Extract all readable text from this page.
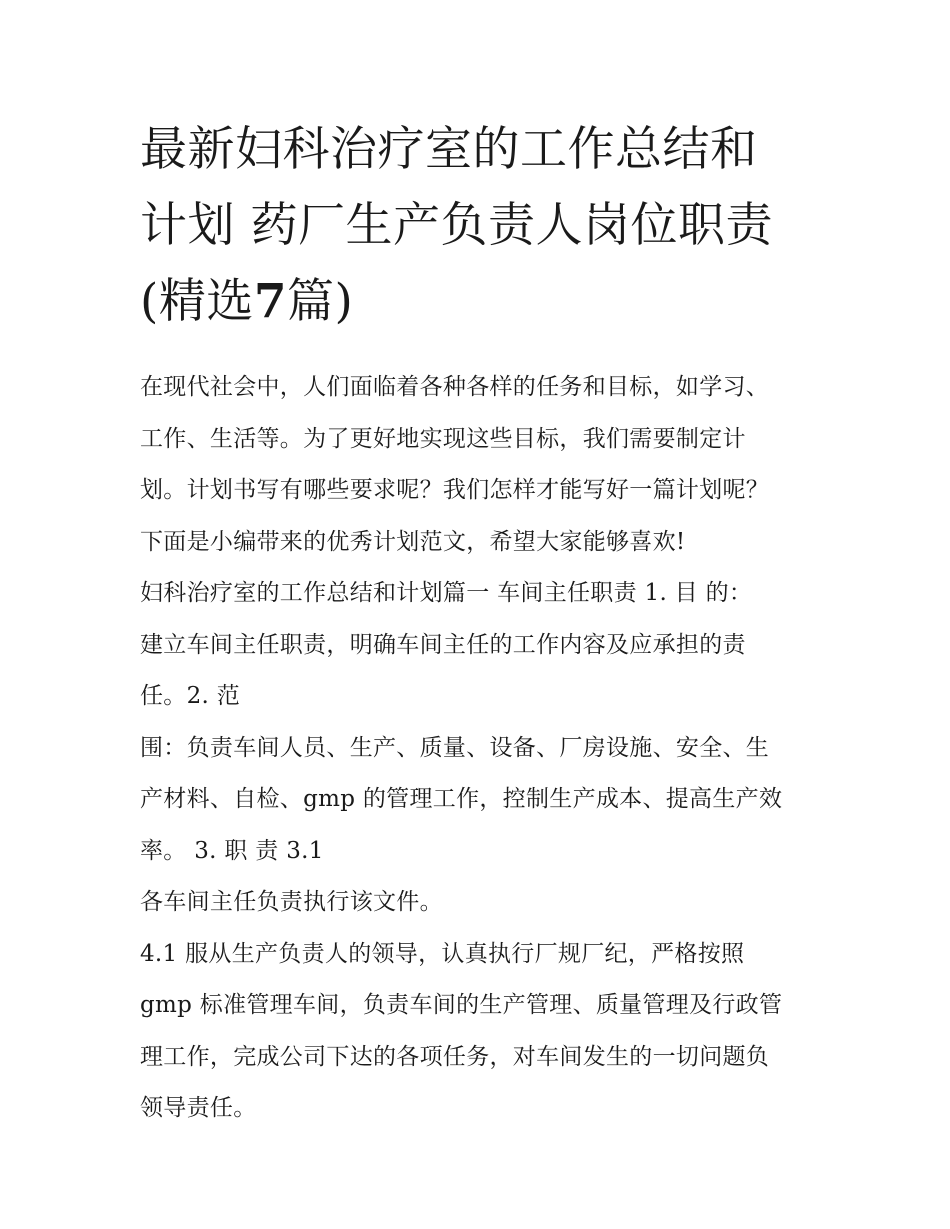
最新妇科治疗室的工作总结和
计划 药厂生产负责人岗位职责
(精选7篇)
在现代社会中，人们面临着各种各样的任务和目标，如学习、
工作、生活等。为了更好地实现这些目标，我们需要制定计
划。计划书写有哪些要求呢？我们怎样才能写好一篇计划呢？
下面是小编带来的优秀计划范文，希望大家能够喜欢!
妇科治疗室的工作总结和计划篇一 车间主任职责 1. 目 的：
建立车间主任职责，明确车间主任的工作内容及应承担的责
任。2. 范
围：负责车间人员、生产、质量、设备、厂房设施、安全、生
产材料、自检、gmp 的管理工作，控制生产成本、提高生产效
率。 3. 职 责 3.1
各车间主任负责执行该文件。
4.1 服从生产负责人的领导，认真执行厂规厂纪，严格按照
gmp 标准管理车间，负责车间的生产管理、质量管理及行政管
理工作，完成公司下达的各项任务，对车间发生的一切问题负
领导责任。
